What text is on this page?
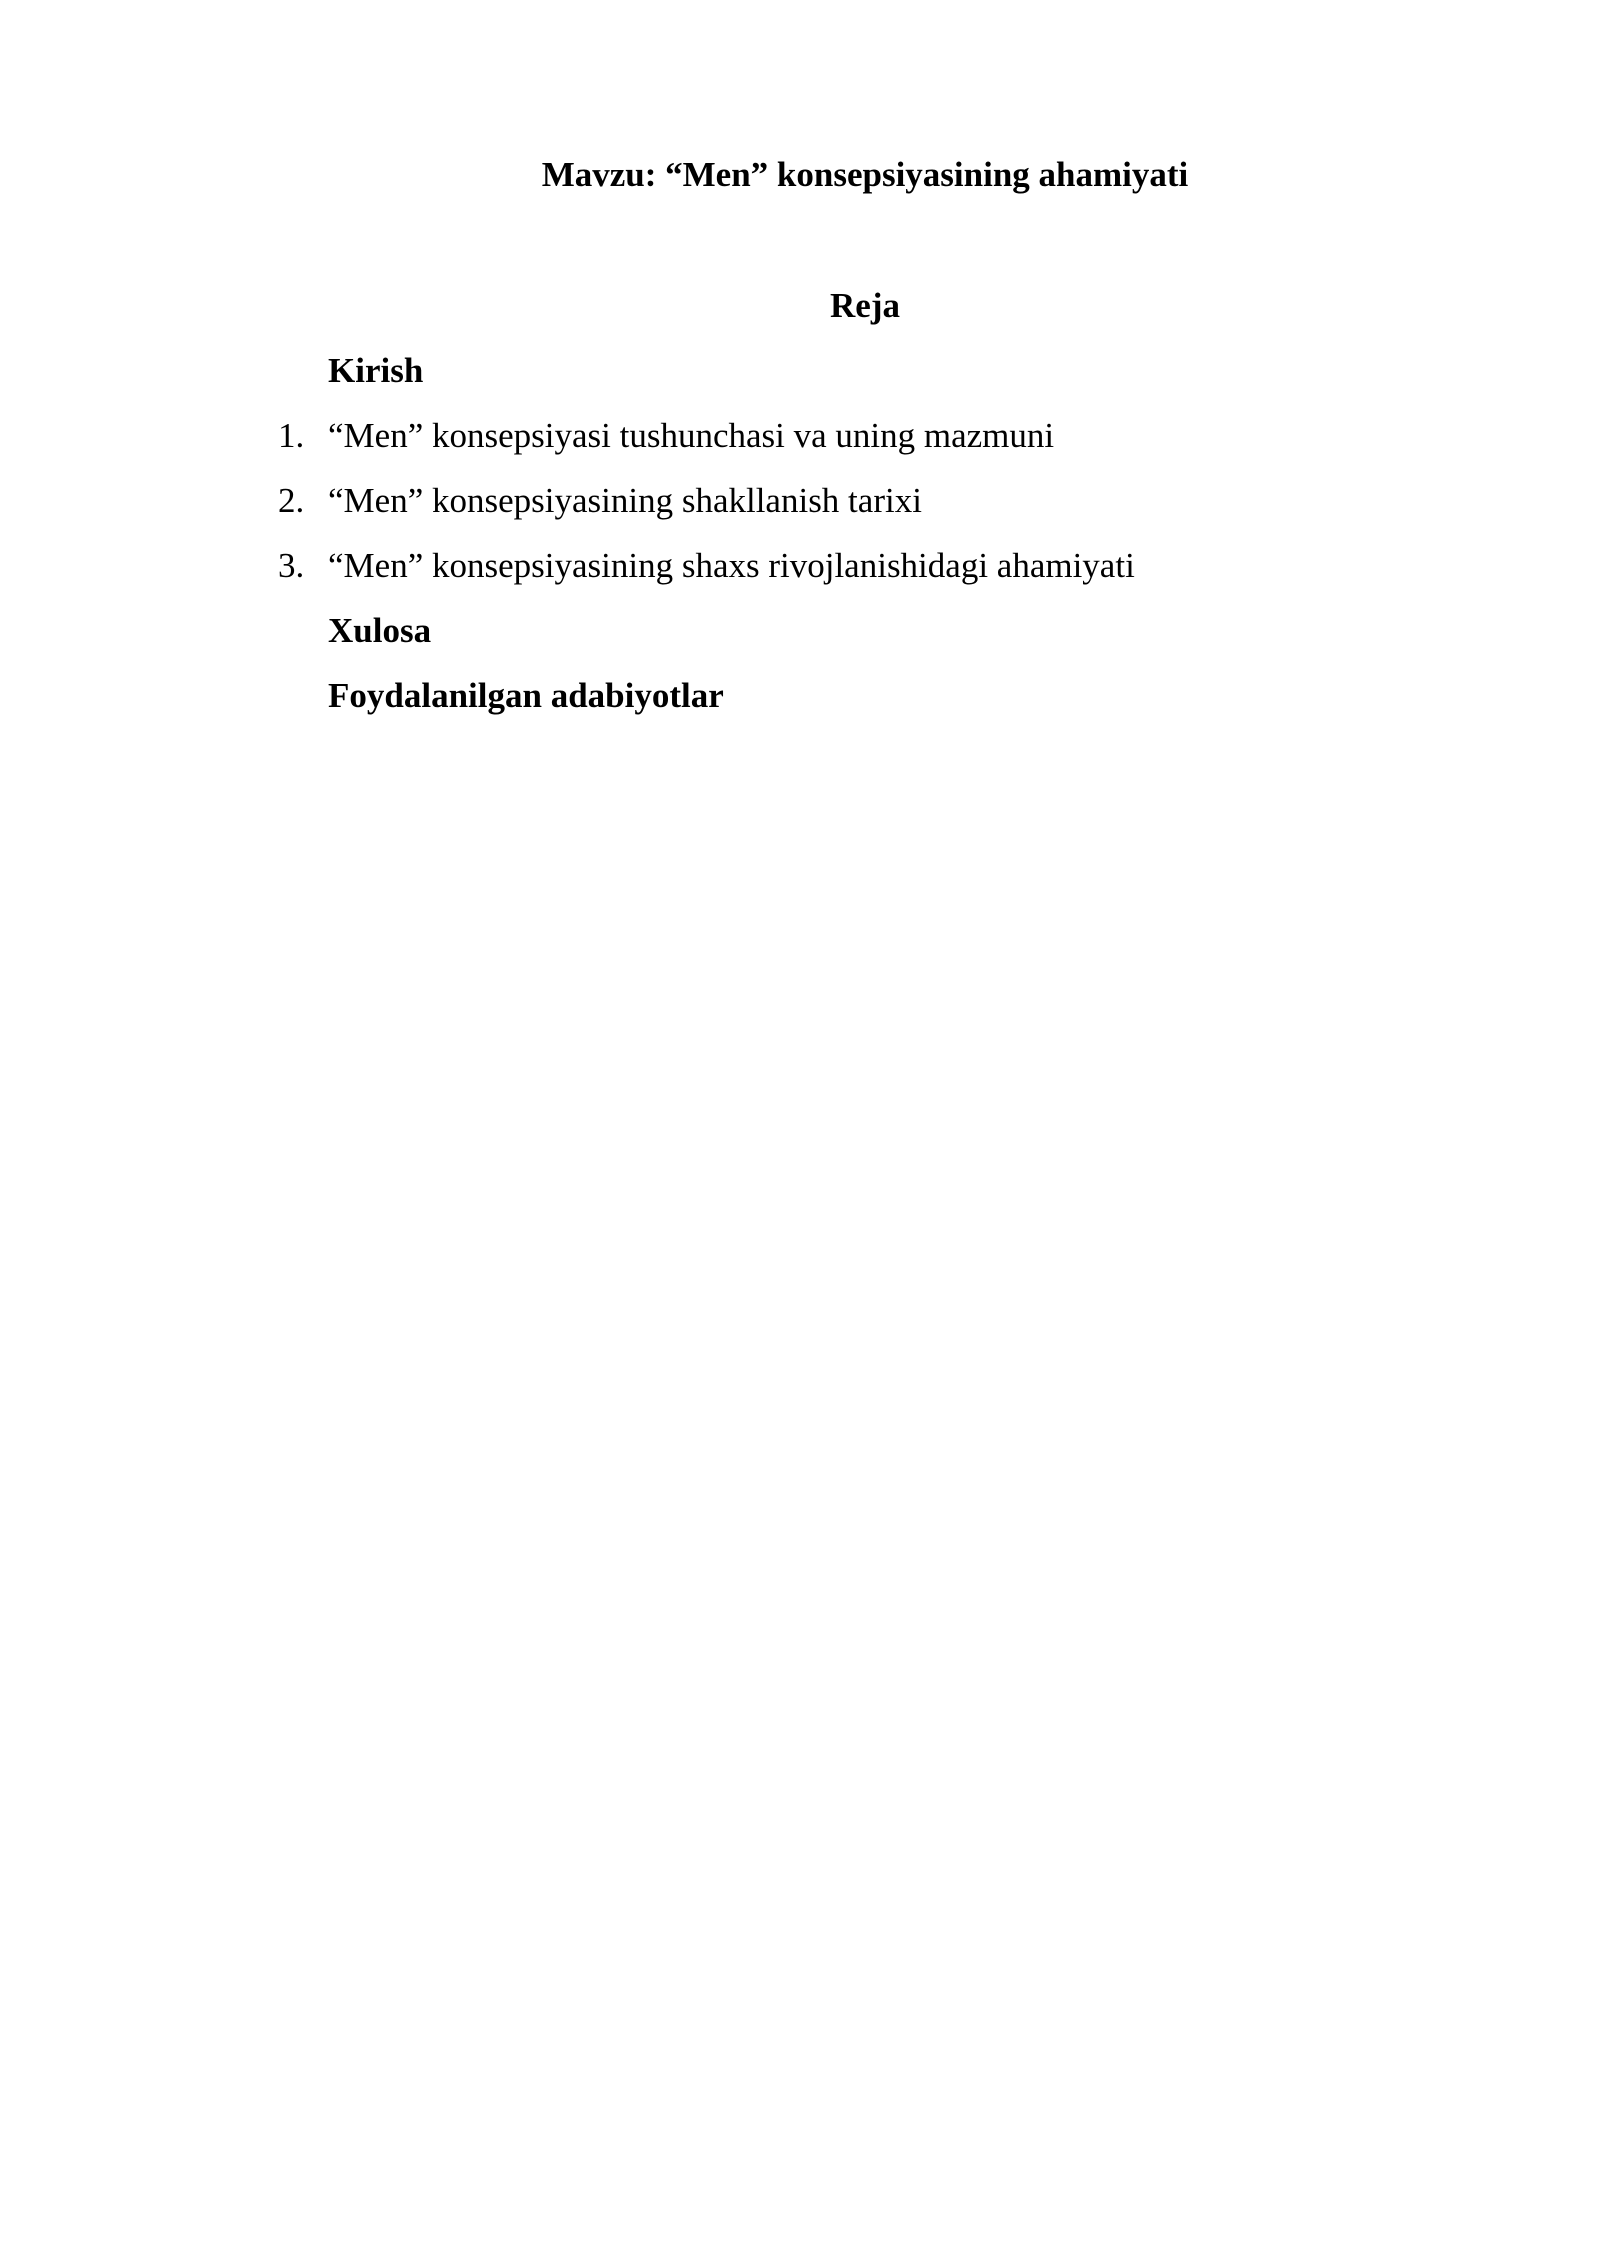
Mavzu: “Men” konsepsiyasining ahamiyati
Reja
Kirish
1. “Men” konsepsiyasi tushunchasi va uning mazmuni
2. “Men” konsepsiyasining shakllanish tarixi
3. “Men” konsepsiyasining shaxs rivojlanishidagi ahamiyati
Xulosa
Foydalanilgan adabiyotlar
